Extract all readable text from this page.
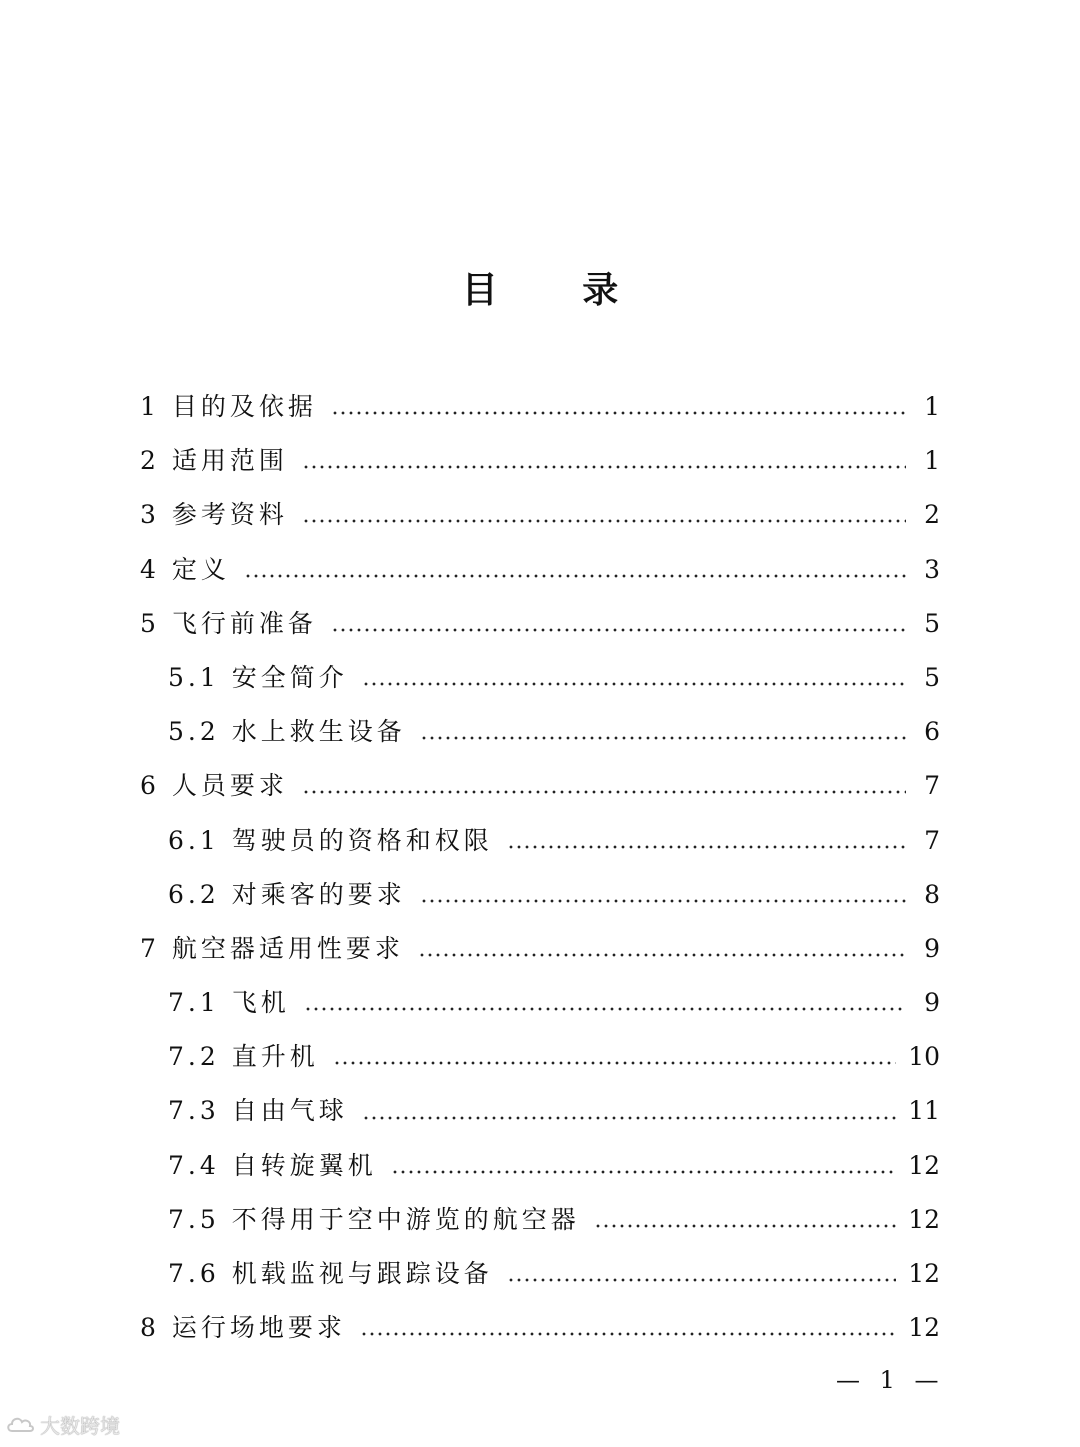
目 录
1 目的及依据	1
2 适用范围	1
3 参考资料	2
4 定义	3
5 飞行前准备	5
5.1 安全简介	5
5.2 水上救生设备	6
6 人员要求	7
6.1 驾驶员的资格和权限	7
6.2 对乘客的要求	8
7 航空器适用性要求	9
7.1 飞机	9
7.2 直升机	10
7.3 自由气球	11
7.4 自转旋翼机	12
7.5 不得用于空中游览的航空器	12
7.6 机载监视与跟踪设备	12
8 运行场地要求	12
— 1 —
大数跨境
